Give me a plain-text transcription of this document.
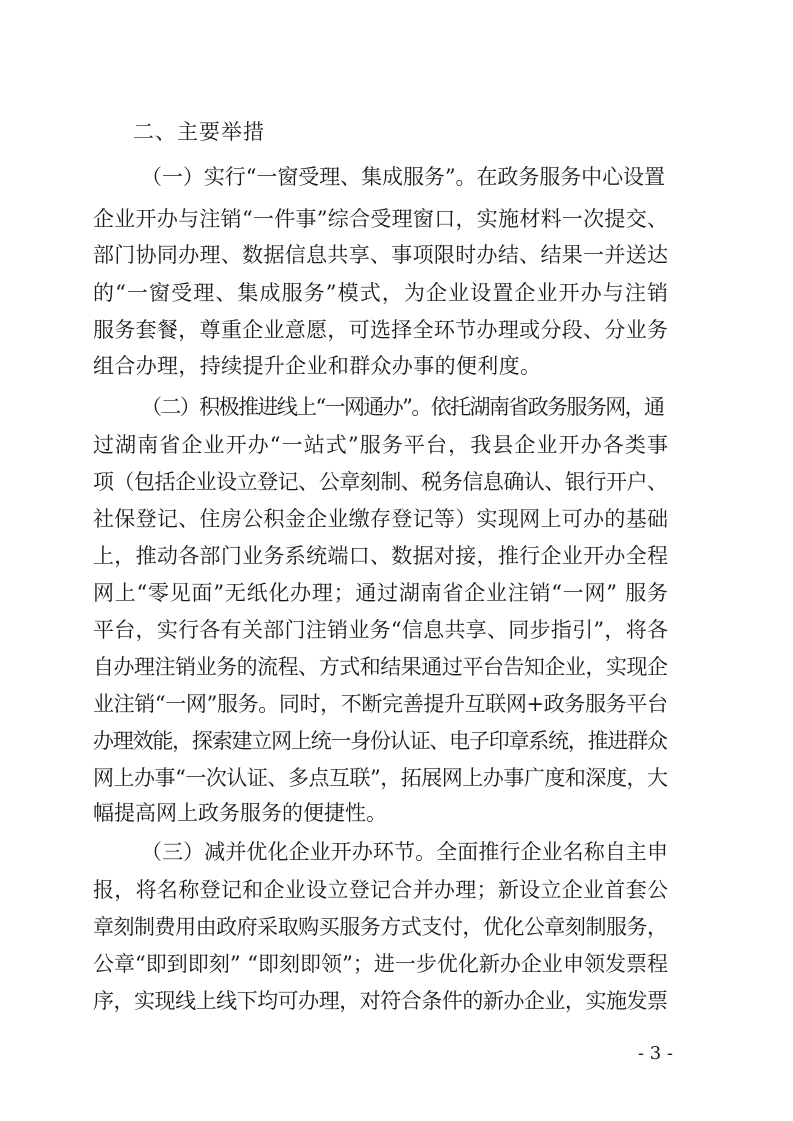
二、主要举措
（一）实行“一窗受理、集成服务”。在政务服务中心设置
企业开办与注销“一件事”综合受理窗口，实施材料一次提交、
部门协同办理、数据信息共享、事项限时办结、结果一并送达
的“一窗受理、集成服务”模式，为企业设置企业开办与注销
服务套餐，尊重企业意愿，可选择全环节办理或分段、分业务
组合办理，持续提升企业和群众办事的便利度。
（二）积极推进线上“一网通办”。依托湖南省政务服务网，通
过湖南省企业开办“一站式”服务平台，我县企业开办各类事
项（包括企业设立登记、公章刻制、税务信息确认、银行开户、
社保登记、住房公积金企业缴存登记等）实现网上可办的基础
上，推动各部门业务系统端口、数据对接，推行企业开办全程
网上“零见面”无纸化办理；通过湖南省企业注销“一网” 服务
平台，实行各有关部门注销业务“信息共享、同步指引”，将各
自办理注销业务的流程、方式和结果通过平台告知企业，实现企
业注销“一网”服务。同时，不断完善提升互联网+政务服务平台
办理效能，探索建立网上统一身份认证、电子印章系统，推进群众
网上办事“一次认证、多点互联”，拓展网上办事广度和深度，大
幅提高网上政务服务的便捷性。
（三）减并优化企业开办环节。全面推行企业名称自主申
报，将名称登记和企业设立登记合并办理；新设立企业首套公
章刻制费用由政府采取购买服务方式支付，优化公章刻制服务，
公章“即到即刻” “即刻即领”；进一步优化新办企业申领发票程
序，实现线上线下均可办理，对符合条件的新办企业，实施发票
- 3 -
